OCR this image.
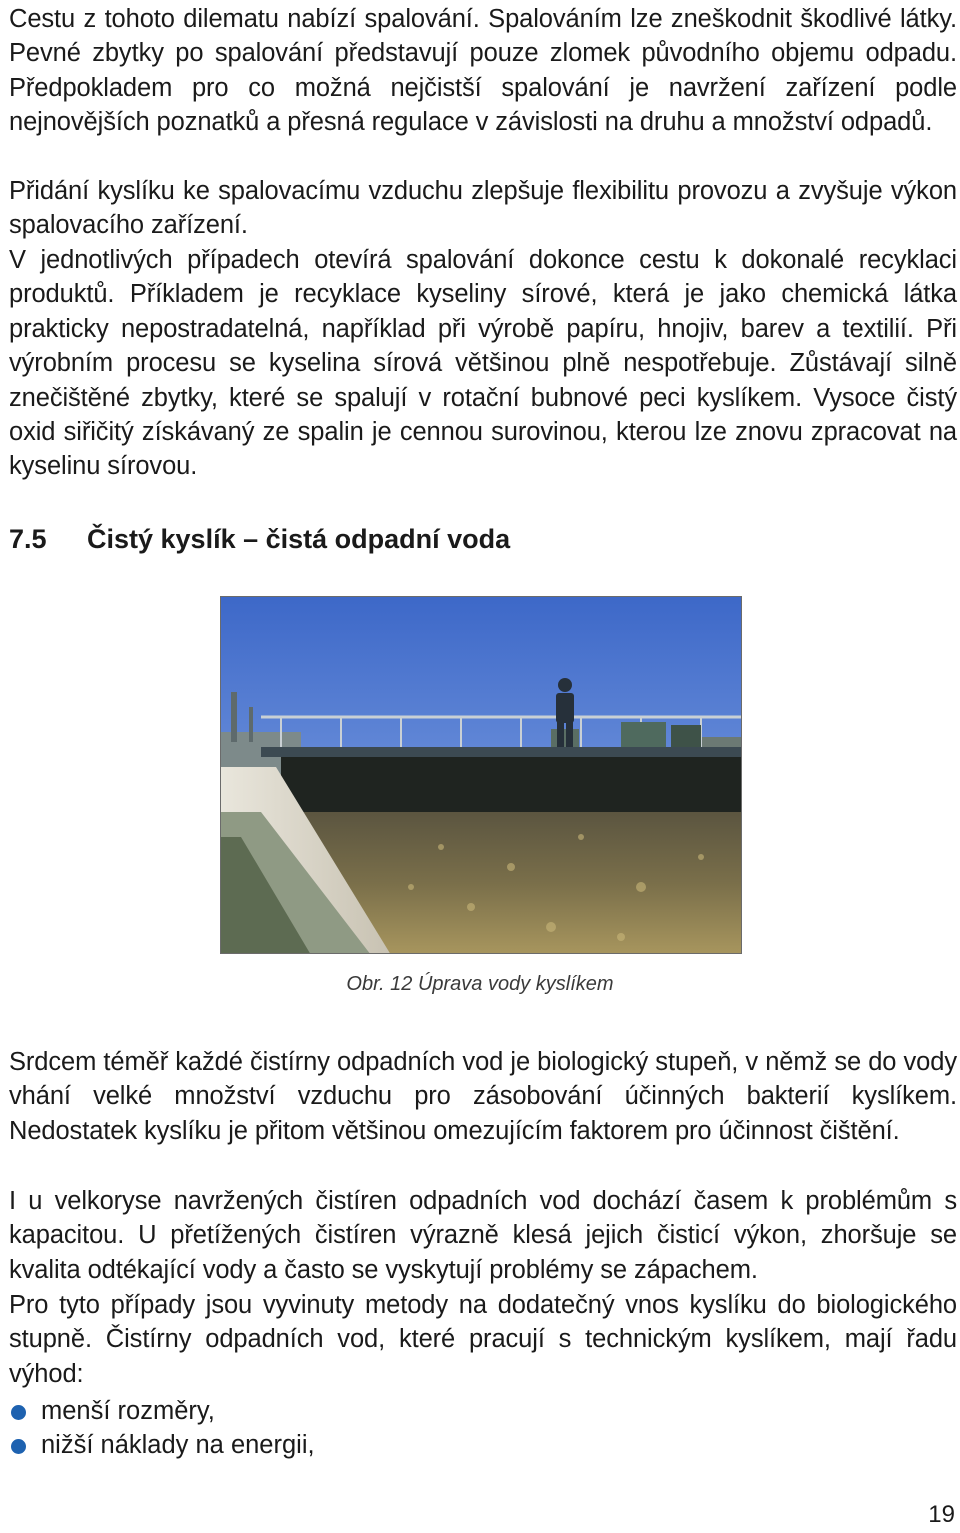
Cestu z tohoto dilematu nabízí spalování. Spalováním lze zneškodnit škodlivé látky. Pevné zbytky po spalování představují pouze zlomek původního objemu odpadu. Předpokladem pro co možná nejčistší spalování je navržení zařízení podle nejnovějších poznatků a přesná regulace v závislosti na druhu a množství odpadů.

Přidání kyslíku ke spalovacímu vzduchu zlepšuje flexibilitu provozu a zvyšuje výkon spalovacího zařízení.

V jednotlivých případech otevírá spalování dokonce cestu k dokonalé recyklaci produktů. Příkladem je recyklace kyseliny sírové, která je jako chemická látka prakticky nepostradatelná, například při výrobě papíru, hnojiv, barev a textilií. Při výrobním procesu se kyselina sírová většinou plně nespotřebuje. Zůstávají silně znečištěné zbytky, které se spalují v rotační bubnové peci kyslíkem. Vysoce čistý oxid siřičitý získávaný ze spalin je cennou surovinou, kterou lze znovu zpracovat na kyselinu sírovou.

7.5 Čistý kyslík – čistá odpadní voda

Obr. 12 Úprava vody kyslíkem

Srdcem téměř každé čistírny odpadních vod je biologický stupeň, v němž se do vody vhání velké množství vzduchu pro zásobování účinných bakterií kyslíkem. Nedostatek kyslíku je přitom většinou omezujícím faktorem pro účinnost čištění.

I u velkoryse navržených čistíren odpadních vod dochází časem k problémům s kapacitou. U přetížených čistíren výrazně klesá jejich čisticí výkon, zhoršuje se kvalita odtékající vody a často se vyskytují problémy se zápachem.

Pro tyto případy jsou vyvinuty metody na dodatečný vnos kyslíku do biologického stupně. Čistírny odpadních vod, které pracují s technickým kyslíkem, mají řadu výhod:

menší rozměry,
nižší náklady na energii,

19
